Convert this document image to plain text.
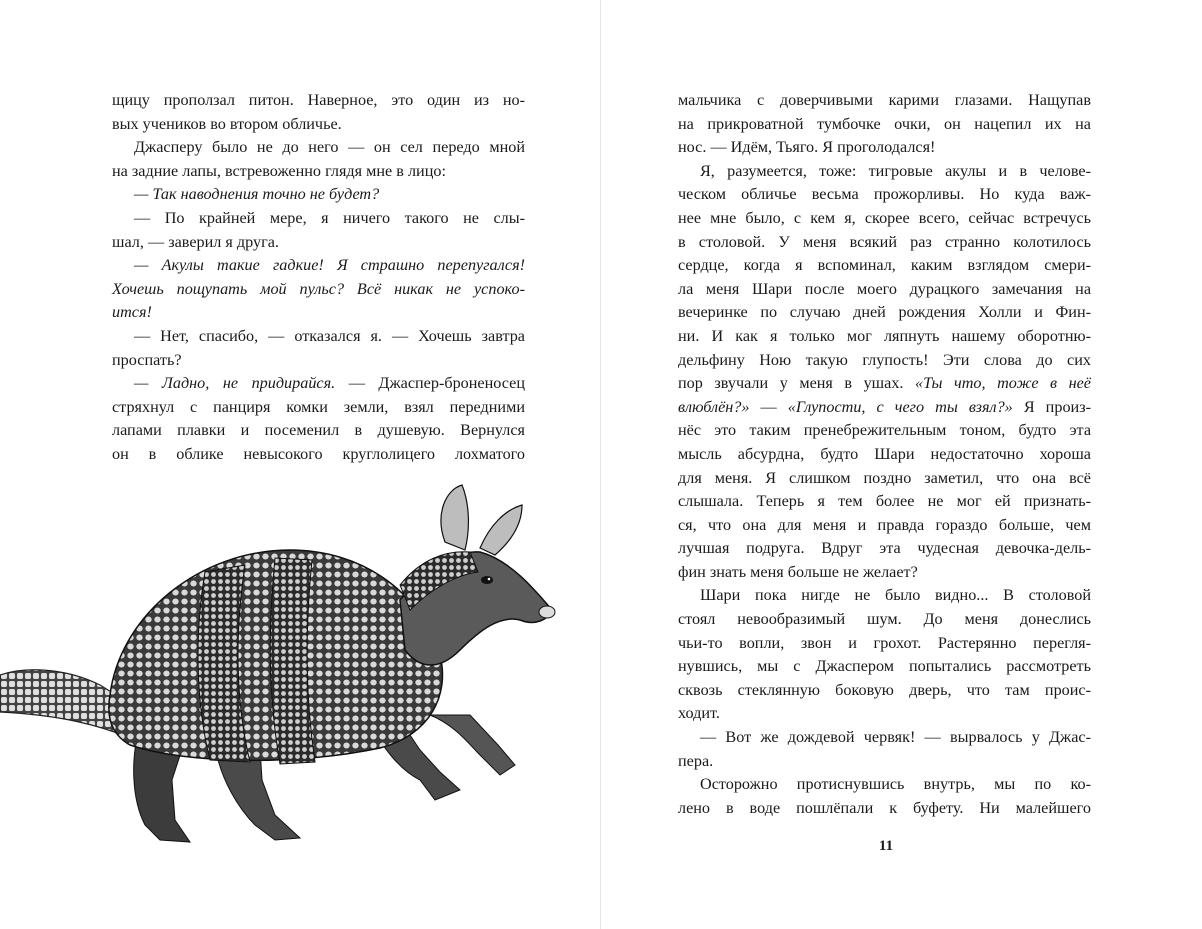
щицу проползал питон. Наверное, это один из но-

вых учеников во втором обличье.

Джасперу было не до него — он сел передо мной

на задние лапы, встревоженно глядя мне в лицо:

— Так наводнения точно не будет?

— По крайней мере, я ничего такого не слы-

шал, — заверил я друга.

— Акулы такие гадкие! Я страшно перепугался!

Хочешь пощупать мой пульс? Всё никак не успоко-

ится!

— Нет, спасибо, — отказался я. — Хочешь завтра

проспать?

— Ладно, не придирайся. — Джаспер-броненосец

стряхнул с панциря комки земли, взял передними

лапами плавки и посеменил в душевую. Вернулся

он в облике невысокого круглолицего лохматого

мальчика с доверчивыми карими глазами. Нащупав

на прикроватной тумбочке очки, он нацепил их на

нос. — Идём, Тьяго. Я проголодался!

Я, разумеется, тоже: тигровые акулы и в челове-

ческом обличье весьма прожорливы. Но куда важ-

нее мне было, с кем я, скорее всего, сейчас встречусь

в столовой. У меня всякий раз странно колотилось

сердце, когда я вспоминал, каким взглядом смери-

ла меня Шари после моего дурацкого замечания на

вечеринке по случаю дней рождения Холли и Фин-

ни. И как я только мог ляпнуть нашему оборотню-

дельфину Ною такую глупость! Эти слова до сих

пор звучали у меня в ушах. «Ты что, тоже в неё

влюблён?» — «Глупости, с чего ты взял?» Я произ-

нёс это таким пренебрежительным тоном, будто эта

мысль абсурдна, будто Шари недостаточно хороша

для меня. Я слишком поздно заметил, что она всё

слышала. Теперь я тем более не мог ей признать-

ся, что она для меня и правда гораздо больше, чем

лучшая подруга. Вдруг эта чудесная девочка-дель-

фин знать меня больше не желает?

Шари пока нигде не было видно... В столовой

стоял невообразимый шум. До меня донеслись

чьи-то вопли, звон и грохот. Растерянно перегля-

нувшись, мы с Джаспером попытались рассмотреть

сквозь стеклянную боковую дверь, что там проис-

ходит.

— Вот же дождевой червяк! — вырвалось у Джас-

пера.

Осторожно протиснувшись внутрь, мы по ко-

лено в воде пошлёпали к буфету. Ни малейшего

11
